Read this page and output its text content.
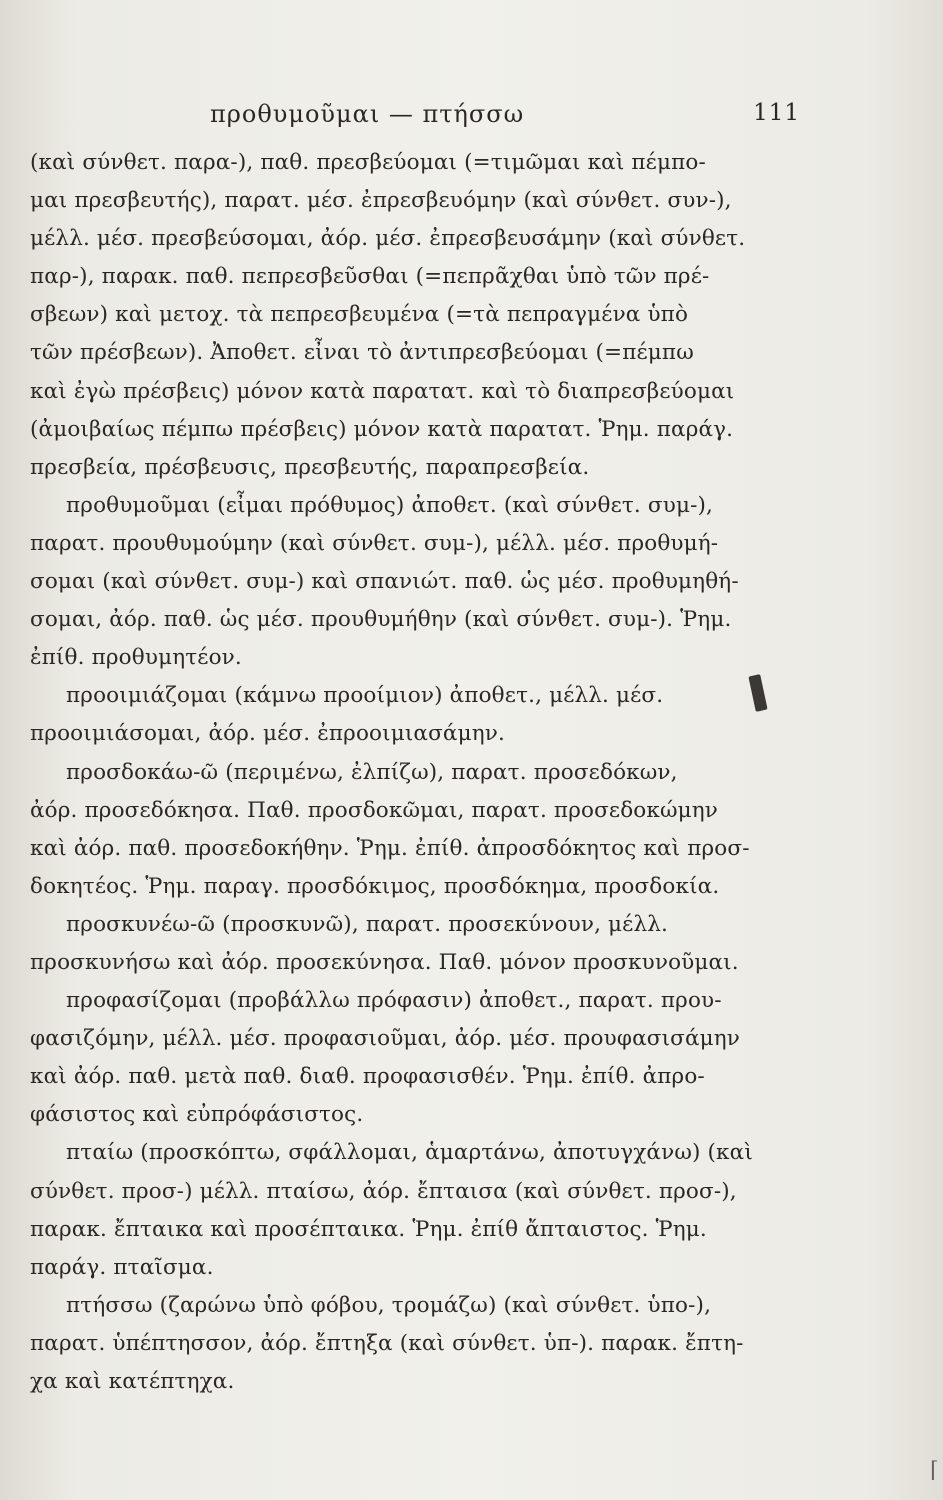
προθυμοῦμαι — πτήσσω	111
(καὶ σύνθετ. παρα-), παθ. πρεσβεύομαι (=τιμῶμαι καὶ πέμπο-
μαι πρεσβευτής), παρατ. μέσ. ἐπρεσβευόμην (καὶ σύνθετ. συν-),
μέλλ. μέσ. πρεσβεύσομαι, ἀόρ. μέσ. ἐπρεσβευσάμην (καὶ σύνθετ.
παρ-), παρακ. παθ. πεπρεσβεῦσθαι (=πεπρᾶχθαι ὑπὸ τῶν πρέ-
σβεων) καὶ μετοχ. τὰ πεπρεσβευμένα (=τὰ πεπραγμένα ὑπὸ
τῶν πρέσβεων). Ἀποθετ. εἶναι τὸ ἀντιπρεσβεύομαι (=πέμπω
καὶ ἐγὼ πρέσβεις) μόνον κατὰ παρατατ. καὶ τὸ διαπρεσβεύομαι
(ἀμοιβαίως πέμπω πρέσβεις) μόνον κατὰ παρατατ. Ῥημ. παράγ.
πρεσβεία, πρέσβευσις, πρεσβευτής, παραπρεσβεία.
προθυμοῦμαι (εἶμαι πρόθυμος) ἀποθετ. (καὶ σύνθετ. συμ-),
παρατ. προυθυμούμην (καὶ σύνθετ. συμ-), μέλλ. μέσ. προθυμή-
σομαι (καὶ σύνθετ. συμ-) καὶ σπανιώτ. παθ. ὡς μέσ. προθυμηθή-
σομαι, ἀόρ. παθ. ὡς μέσ. προυθυμήθην (καὶ σύνθετ. συμ-). Ῥημ.
ἐπίθ. προθυμητέον.
προοιμιάζομαι (κάμνω προοίμιον) ἀποθετ., μέλλ. μέσ.
προοιμιάσομαι, ἀόρ. μέσ. ἐπροοιμιασάμην.
προσδοκάω-ῶ (περιμένω, ἐλπίζω), παρατ. προσεδόκων,
ἀόρ. προσεδόκησα. Παθ. προσδοκῶμαι, παρατ. προσεδοκώμην
καὶ ἀόρ. παθ. προσεδοκήθην. Ῥημ. ἐπίθ. ἀπροσδόκητος καὶ προσ-
δοκητέος. Ῥημ. παραγ. προσδόκιμος, προσδόκημα, προσδοκία.
προσκυνέω-ῶ (προσκυνῶ), παρατ. προσεκύνουν, μέλλ.
προσκυνήσω καὶ ἀόρ. προσεκύνησα. Παθ. μόνον προσκυνοῦμαι.
προφασίζομαι (προβάλλω πρόφασιν) ἀποθετ., παρατ. πρου-
φασιζόμην, μέλλ. μέσ. προφασιοῦμαι, ἀόρ. μέσ. προυφασισάμην
καὶ ἀόρ. παθ. μετὰ παθ. διαθ. προφασισθέν. Ῥημ. ἐπίθ. ἀπρο-
φάσιστος καὶ εὐπρόφάσιστος.
πταίω (προσκόπτω, σφάλλομαι, ἁμαρτάνω, ἀποτυγχάνω) (καὶ
σύνθετ. προσ-) μέλλ. πταίσω, ἀόρ. ἔπταισα (καὶ σύνθετ. προσ-),
παρακ. ἔπταικα καὶ προσέπταικα. Ῥημ. ἐπίθ ἄπταιστος. Ῥημ.
παράγ. πταῖσμα.
πτήσσω (ζαρώνω ὑπὸ φόβου, τρομάζω) (καὶ σύνθετ. ὑπο-),
παρατ. ὑπέπτησσον, ἀόρ. ἔπτηξα (καὶ σύνθετ. ὑπ-). παρακ. ἔπτη-
χα καὶ κατέπτηχα.
⌈
